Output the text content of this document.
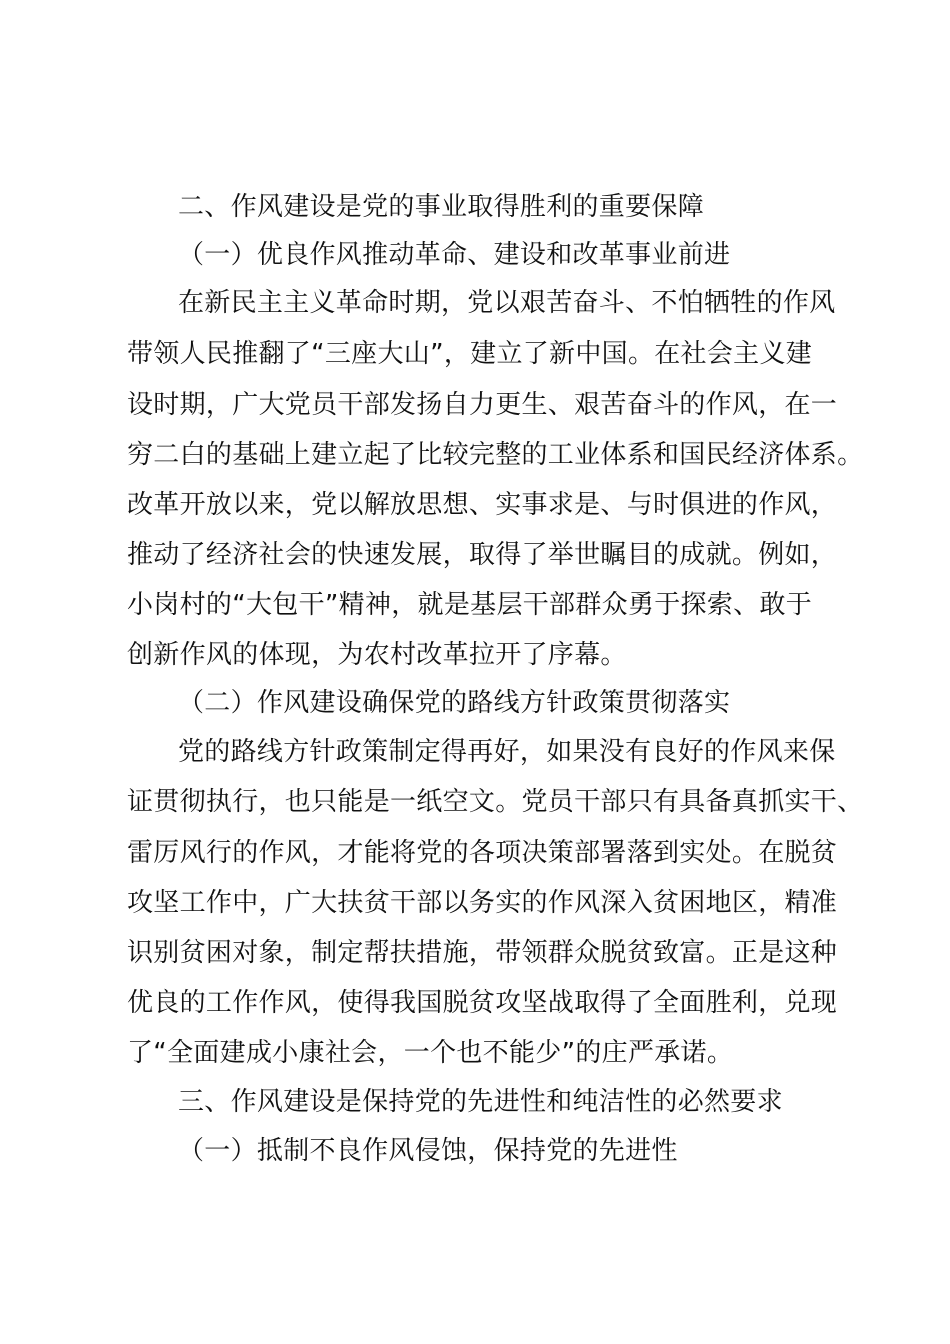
二、作风建设是党的事业取得胜利的重要保障
（一）优良作风推动革命、建设和改革事业前进
在新民主主义革命时期，党以艰苦奋斗、不怕牺牲的作风
带领人民推翻了“三座大山”，建立了新中国。在社会主义建
设时期，广大党员干部发扬自力更生、艰苦奋斗的作风，在一
穷二白的基础上建立起了比较完整的工业体系和国民经济体系。
改革开放以来，党以解放思想、实事求是、与时俱进的作风，
推动了经济社会的快速发展，取得了举世瞩目的成就。例如，
小岗村的“大包干”精神，就是基层干部群众勇于探索、敢于
创新作风的体现，为农村改革拉开了序幕。
（二）作风建设确保党的路线方针政策贯彻落实
党的路线方针政策制定得再好，如果没有良好的作风来保
证贯彻执行，也只能是一纸空文。党员干部只有具备真抓实干、
雷厉风行的作风，才能将党的各项决策部署落到实处。在脱贫
攻坚工作中，广大扶贫干部以务实的作风深入贫困地区，精准
识别贫困对象，制定帮扶措施，带领群众脱贫致富。正是这种
优良的工作作风，使得我国脱贫攻坚战取得了全面胜利，兑现
了“全面建成小康社会，一个也不能少”的庄严承诺。
三、作风建设是保持党的先进性和纯洁性的必然要求
（一）抵制不良作风侵蚀，保持党的先进性
